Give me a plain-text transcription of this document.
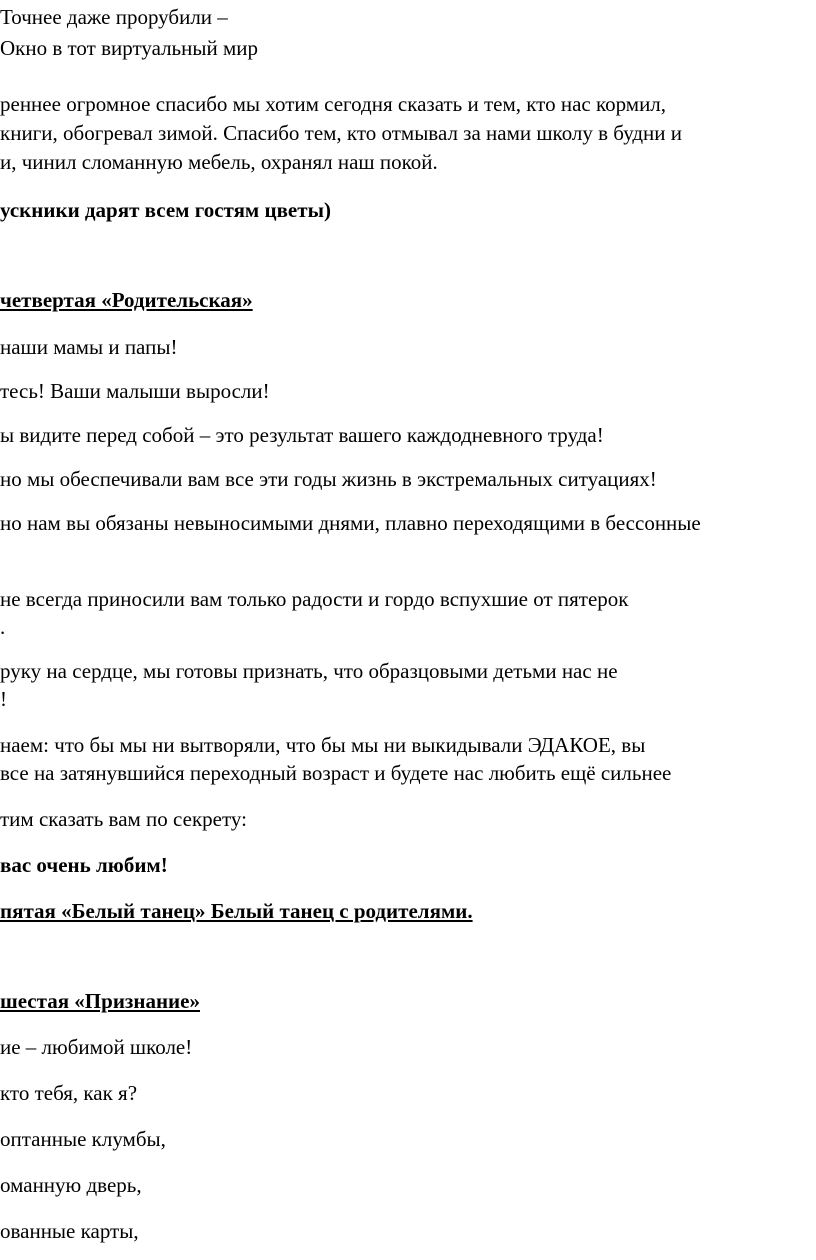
Точнее даже прорубили –
Окно в тот виртуальный мир
реннее огромное спасибо мы хотим сегодня сказать и тем, кто нас кормил,
книги, обогревал зимой. Спасибо тем, кто отмывал за нами школу в будни и
и, чинил сломанную мебель, охранял наш покой.
ускники дарят всем гостям цветы)
четвертая «Родительская»
наши мамы и папы!
тесь! Ваши малыши выросли!
ы видите перед собой – это результат вашего каждодневного труда!
но мы обеспечивали вам все эти годы жизнь в экстремальных ситуациях!
но нам вы обязаны невыносимыми днями, плавно переходящими в бессонные
не всегда приносили вам только радости и гордо вспухшие от пятерок
.
руку на сердце, мы готовы признать, что образцовыми детьми нас не
!
наем: что бы мы ни вытворяли, что бы мы ни выкидывали ЭДАКОЕ, вы
все на затянувшийся переходный возраст и будете нас любить ещё сильнее
тим сказать вам по секрету:
вас очень любим!
пятая «Белый танец» Белый танец с родителями.
шестая «Признание»
ие – любимой школе!
кто тебя, как я?
оптанные клумбы,
оманную дверь,
ованные карты,
